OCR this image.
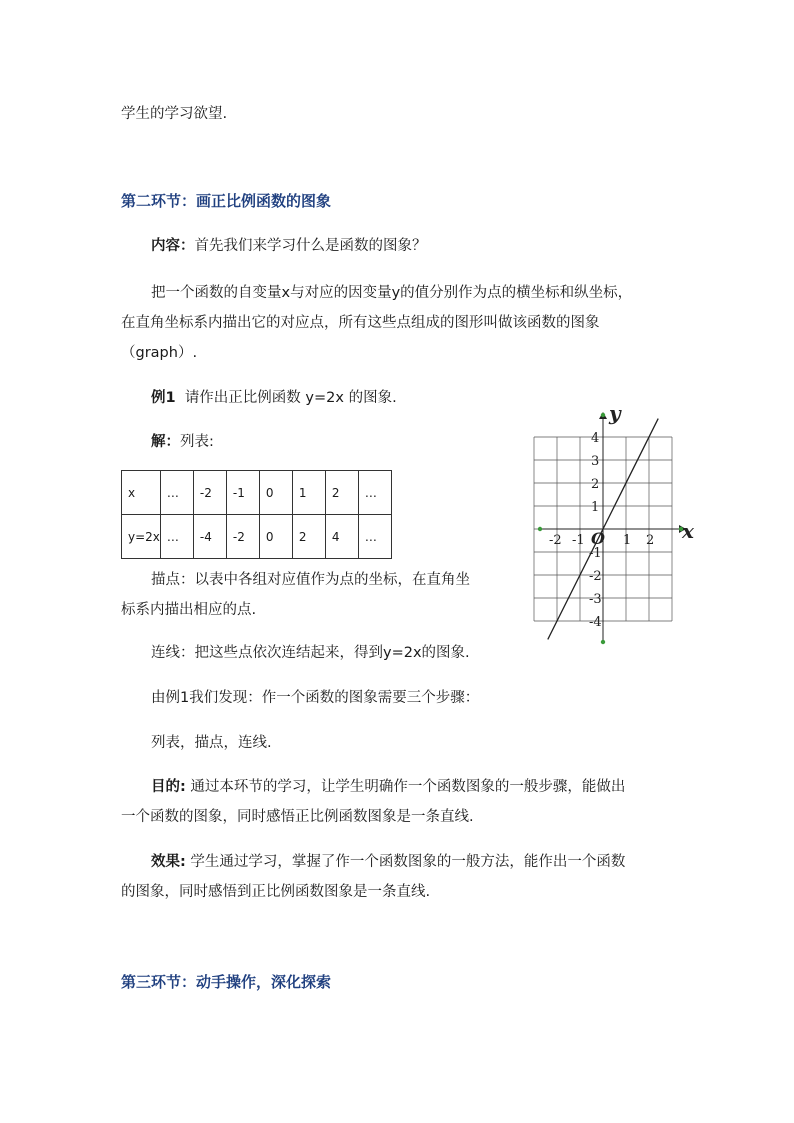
学生的学习欲望.
第二环节：画正比例函数的图象
内容：首先我们来学习什么是函数的图象？
把一个函数的自变量x与对应的因变量y的值分别作为点的横坐标和纵坐标，
在直角坐标系内描出它的对应点，所有这些点组成的图形叫做该函数的图象
（graph）.
例1 请作出正比例函数 y=2x 的图象.
解：列表:
x	…	-2	-1	0	1	2	…
y=2x	…	-4	-2	0	2	4	…
描点：以表中各组对应值作为点的坐标，在直角坐
标系内描出相应的点.
连线：把这些点依次连结起来，得到y=2x的图象.
由例1我们发现：作一个函数的图象需要三个步骤：
列表，描点，连线.
目的: 通过本环节的学习，让学生明确作一个函数图象的一般步骤，能做出
一个函数的图象，同时感悟正比例函数图象是一条直线.
效果: 学生通过学习，掌握了作一个函数图象的一般方法，能作出一个函数
的图象，同时感悟到正比例函数图象是一条直线.
第三环节：动手操作，深化探索
x
y
O
-2 -1	1 2
4
3
2
1
-1
-2
-3
-4
